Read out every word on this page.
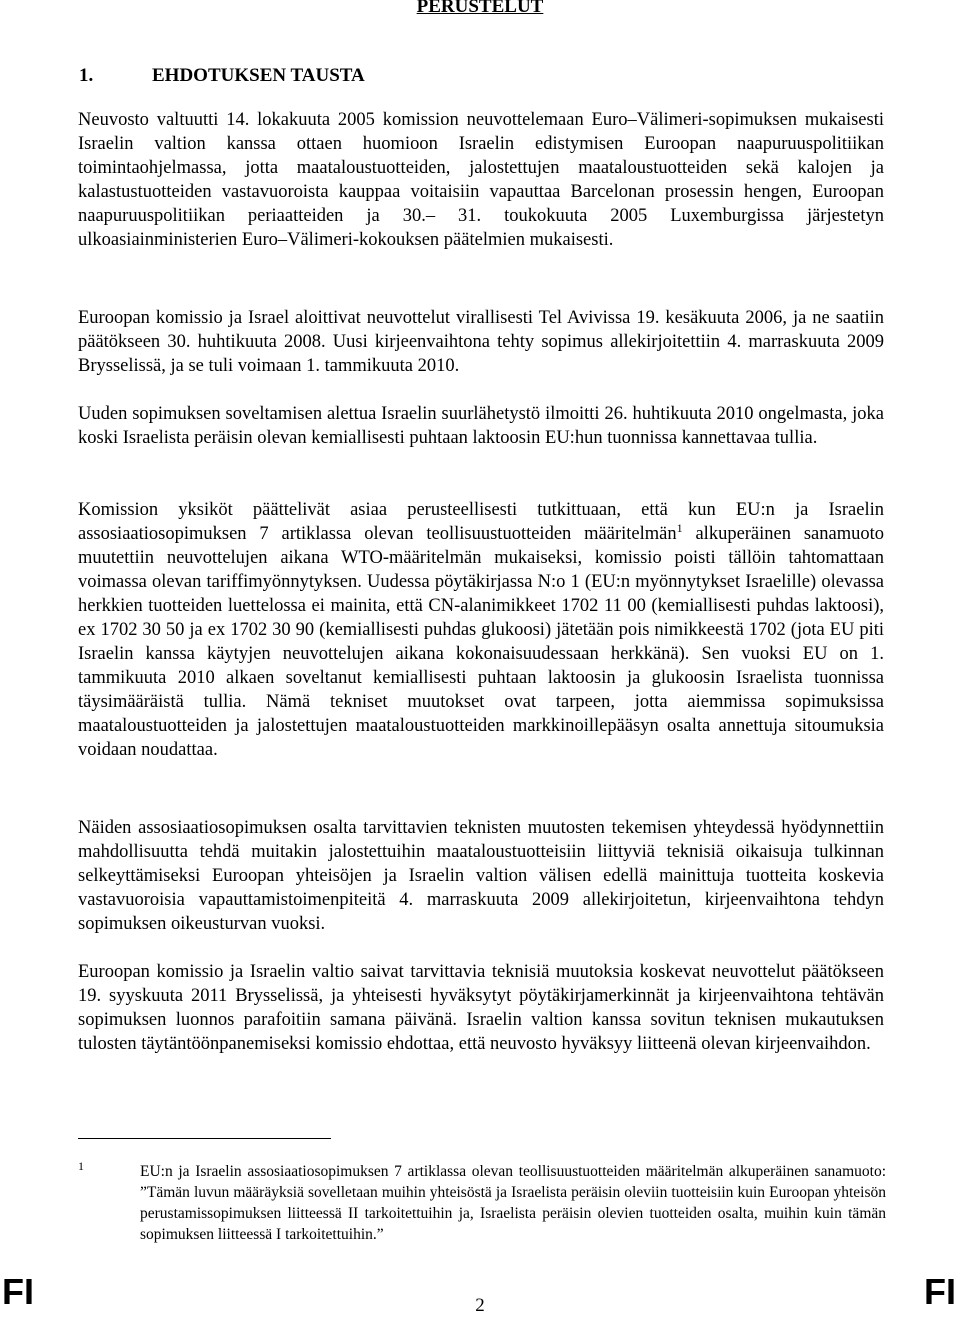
PERUSTELUT
1.	EHDOTUKSEN TAUSTA

Neuvosto valtuutti 14. lokakuuta 2005 komission neuvottelemaan Euro–Välimeri-sopimuksen mukaisesti Israelin valtion kanssa ottaen huomioon Israelin edistymisen Euroopan naapuruuspolitiikan toimintaohjelmassa, jotta maataloustuotteiden, jalostettujen maataloustuotteiden sekä kalojen ja kalastustuotteiden vastavuoroista kauppaa voitaisiin vapauttaa Barcelonan prosessin hengen, Euroopan naapuruuspolitiikan periaatteiden ja 30.– 31. toukokuuta 2005 Luxemburgissa järjestetyn ulkoasiainministerien Euro–Välimeri-kokouksen päätelmien mukaisesti.

Euroopan komissio ja Israel aloittivat neuvottelut virallisesti Tel Avivissa 19. kesäkuuta 2006, ja ne saatiin päätökseen 30. huhtikuuta 2008. Uusi kirjeenvaihtona tehty sopimus allekirjoitettiin 4. marraskuuta 2009 Brysselissä, ja se tuli voimaan 1. tammikuuta 2010.

Uuden sopimuksen soveltamisen alettua Israelin suurlähetystö ilmoitti 26. huhtikuuta 2010 ongelmasta, joka koski Israelista peräisin olevan kemiallisesti puhtaan laktoosin EU:hun tuonnissa kannettavaa tullia.

Komission yksiköt päättelivät asiaa perusteellisesti tutkittuaan, että kun EU:n ja Israelin assosiaatiosopimuksen 7 artiklassa olevan teollisuustuotteiden määritelmän$^1$ alkuperäinen sanamuoto muutettiin neuvottelujen aikana WTO-määritelmän mukaiseksi, komissio poisti tällöin tahtomattaan voimassa olevan tariffimyönnytyksen. Uudessa pöytäkirjassa N:o 1 (EU:n myönnytykset Israelille) olevassa herkkien tuotteiden luettelossa ei mainita, että CN-alanimikkeet 1702 11 00 (kemiallisesti puhdas laktoosi), ex 1702 30 50 ja ex 1702 30 90 (kemiallisesti puhdas glukoosi) jätetään pois nimikkeestä 1702 (jota EU piti Israelin kanssa käytyjen neuvottelujen aikana kokonaisuudessaan herkkänä). Sen vuoksi EU on 1. tammikuuta 2010 alkaen soveltanut kemiallisesti puhtaan laktoosin ja glukoosin Israelista tuonnissa täysimääräistä tullia. Nämä tekniset muutokset ovat tarpeen, jotta aiemmissa sopimuksissa maataloustuotteiden ja jalostettujen maataloustuotteiden markkinoillepääsyn osalta annettuja sitoumuksia voidaan noudattaa.

Näiden assosiaatiosopimuksen osalta tarvittavien teknisten muutosten tekemisen yhteydessä hyödynnettiin mahdollisuutta tehdä muitakin jalostettuihin maataloustuotteisiin liittyviä teknisiä oikaisuja tulkinnan selkeyttämiseksi Euroopan yhteisöjen ja Israelin valtion välisen edellä mainittuja tuotteita koskevia vastavuoroisia vapauttamistoimenpiteitä 4. marraskuuta 2009 allekirjoitetun, kirjeenvaihtona tehdyn sopimuksen oikeusturvan vuoksi.

Euroopan komissio ja Israelin valtio saivat tarvittavia teknisiä muutoksia koskevat neuvottelut päätökseen 19. syyskuuta 2011 Brysselissä, ja yhteisesti hyväksytyt pöytäkirjamerkinnät ja kirjeenvaihtona tehtävän sopimuksen luonnos parafoitiin samana päivänä. Israelin valtion kanssa sovitun teknisen mukautuksen tulosten täytäntöönpanemiseksi komissio ehdottaa, että neuvosto hyväksyy liitteenä olevan kirjeenvaihdon.

1	EU:n ja Israelin assosiaatiosopimuksen 7 artiklassa olevan teollisuustuotteiden määritelmän alkuperäinen sanamuoto: ”Tämän luvun määräyksiä sovelletaan muihin yhteisöstä ja Israelista peräisin oleviin tuotteisiin kuin Euroopan yhteisön perustamissopimuksen liitteessä II tarkoitettuihin ja, Israelista peräisin olevien tuotteiden osalta, muihin kuin tämän sopimuksen liitteessä I tarkoitettuihin.”

FI	2	FI
